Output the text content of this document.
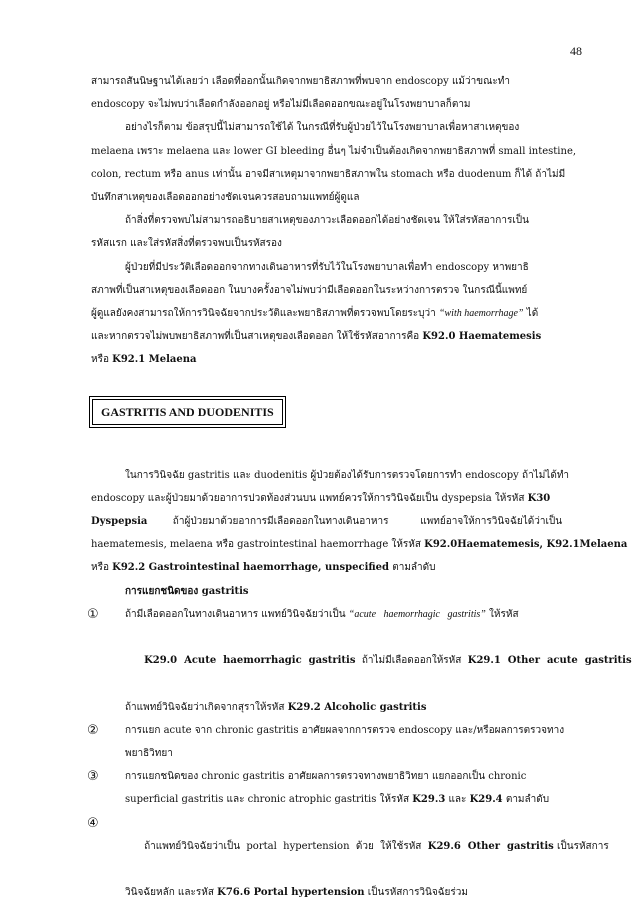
48
สามารถสันนิษฐานได้เลยว่า เลือดที่ออกนั้นเกิดจากพยาธิสภาพที่พบจาก endoscopy แม้ว่าขณะทำ
endoscopy จะไม่พบว่าเลือดกำลังออกอยู่ หรือไม่มีเลือดออกขณะอยู่ในโรงพยาบาลก็ตาม
อย่างไรก็ตาม ข้อสรุปนี้ไม่สามารถใช้ได้ ในกรณีที่รับผู้ป่วยไว้ในโรงพยาบาลเพื่อหาสาเหตุของ
melaena เพราะ melaena และ lower GI bleeding อื่นๆ ไม่จำเป็นต้องเกิดจากพยาธิสภาพที่ small intestine,
colon, rectum หรือ anus เท่านั้น อาจมีสาเหตุมาจากพยาธิสภาพใน stomach หรือ duodenum ก็ได้ ถ้าไม่มี
บันทึกสาเหตุของเลือดออกอย่างชัดเจนควรสอบถามแพทย์ผู้ดูแล
ถ้าสิ่งที่ตรวจพบไม่สามารถอธิบายสาเหตุของภาวะเลือดออกได้อย่างชัดเจน ให้ใส่รหัสอาการเป็น
รหัสแรก และใส่รหัสสิ่งที่ตรวจพบเป็นรหัสรอง
ผู้ป่วยที่มีประวัติเลือดออกจากทางเดินอาหารที่รับไว้ในโรงพยาบาลเพื่อทำ endoscopy หาพยาธิ
สภาพที่เป็นสาเหตุของเลือดออก ในบางครั้งอาจไม่พบว่ามีเลือดออกในระหว่างการตรวจ ในกรณีนี้แพทย์
ผู้ดูแลยังคงสามารถให้การวินิจฉัยจากประวัติและพยาธิสภาพที่ตรวจพบโดยระบุว่า “with haemorrhage” ได้
และหากตรวจไม่พบพยาธิสภาพที่เป็นสาเหตุของเลือดออก ให้ใช้รหัสอาการคือ K92.0 Haematemesis
หรือ K92.1 Melaena
GASTRITIS AND DUODENITIS
ในการวินิจฉัย gastritis และ duodenitis ผู้ป่วยต้องได้รับการตรวจโดยการทำ endoscopy ถ้าไม่ได้ทำ
endoscopy และผู้ป่วยมาด้วยอาการปวดท้องส่วนบน แพทย์ควรให้การวินิจฉัยเป็น dyspepsia ให้รหัส K30
Dyspepsia        ถ้าผู้ป่วยมาด้วยอาการมีเลือดออกในทางเดินอาหาร          แพทย์อาจให้การวินิจฉัยได้ว่าเป็น
haematemesis, melaena หรือ gastrointestinal haemorrhage ให้รหัส K92.0Haematemesis, K92.1Melaena
หรือ K92.2 Gastrointestinal haemorrhage, unspecified ตามลำดับ
การแยกชนิดของ gastritis
①	ถ้ามีเลือดออกในทางเดินอาหาร แพทย์วินิจฉัยว่าเป็น “acute   haemorrhagic   gastritis” ให้รหัส

K29.0  Acute  haemorrhagic  gastritis  ถ้าไม่มีเลือดออกให้รหัส  K29.1  Other  acute  gastritis

ถ้าแพทย์วินิจฉัยว่าเกิดจากสุราให้รหัส K29.2 Alcoholic gastritis
②	การแยก acute จาก chronic gastritis อาศัยผลจากการตรวจ endoscopy และ/หรือผลการตรวจทาง
พยาธิวิทยา
③	การแยกชนิดของ chronic gastritis อาศัยผลการตรวจทางพยาธิวิทยา แยกออกเป็น chronic
superficial gastritis และ chronic atrophic gastritis ให้รหัส K29.3 และ K29.4 ตามลำดับ
④

ถ้าแพทย์วินิจฉัยว่าเป็น  portal  hypertension  ด้วย  ให้ใช้รหัส  K29.6  Other  gastritis เป็นรหัสการ

วินิจฉัยหลัก และรหัส K76.6 Portal hypertension เป็นรหัสการวินิจฉัยร่วม
